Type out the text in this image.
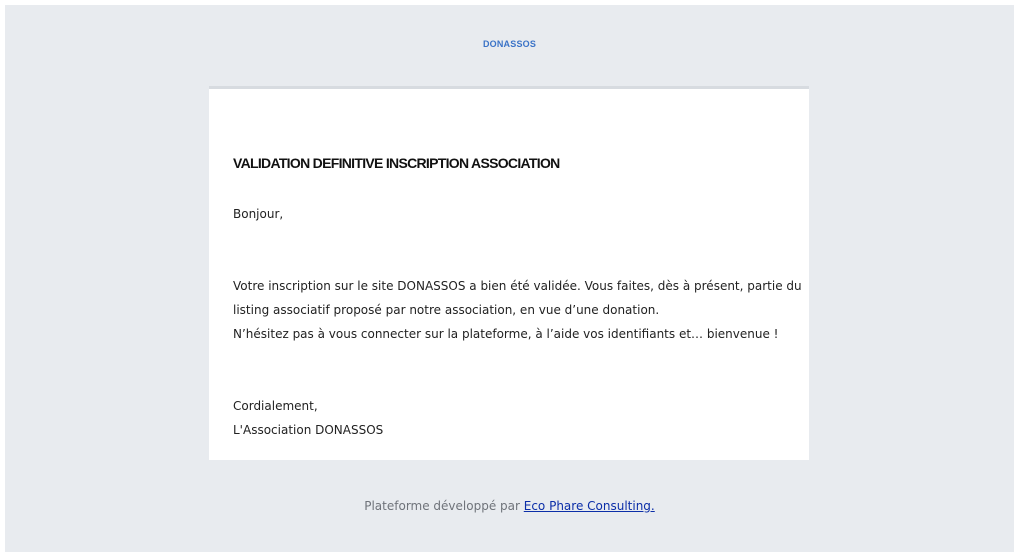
DONASSOS
VALIDATION DEFINITIVE INSCRIPTION ASSOCIATION
Bonjour,
Votre inscription sur le site DONASSOS a bien été validée. Vous faites, dès à présent, partie du
listing associatif proposé par notre association, en vue d’une donation.
N’hésitez pas à vous connecter sur la plateforme, à l’aide vos identifiants et… bienvenue !
Cordialement,
L'Association DONASSOS
Plateforme développé par Eco Phare Consulting.
